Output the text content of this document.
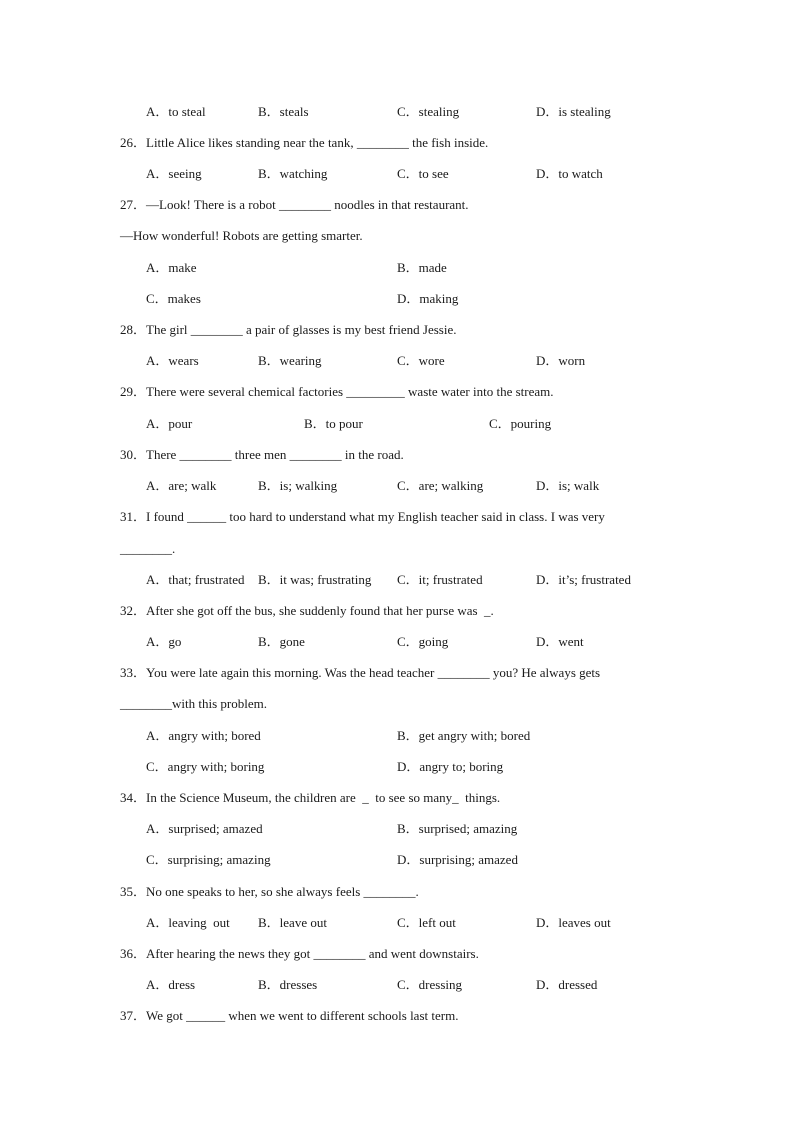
A．to steal	B．steals	C．stealing	D．is stealing
26．Little Alice likes standing near the tank, ________ the fish inside.
A．seeing	B．watching	C．to see	D．to watch
27．—Look! There is a robot ________ noodles in that restaurant.
—How wonderful! Robots are getting smarter.
A．make	B．made
C．makes	D．making
28．The girl ________ a pair of glasses is my best friend Jessie.
A．wears	B．wearing	C．wore	D．worn
29．There were several chemical factories _________ waste water into the stream.
A．pour	B．to pour	C．pouring
30．There ________ three men ________ in the road.
A．are; walk	B．is; walking	C．are; walking	D．is; walk
31．I found ______ too hard to understand what my English teacher said in class. I was very
________.
A．that; frustrated B．it was; frustrating C．it; frustrated	D．it’s; frustrated
32．After she got off the bus, she suddenly found that her purse was  _.
A．go	B．gone	C．going	D．went
33．You were late again this morning. Was the head teacher ________ you? He always gets
________with this problem.
A．angry with; bored	B．get angry with; bored
C．angry with; boring	D．angry to; boring
34．In the Science Museum, the children are  _  to see so many_  things.
A．surprised; amazed	B．surprised; amazing
C．surprising; amazing	D．surprising; amazed
35．No one speaks to her, so she always feels ________.
A．leaving  out B．leave out	C．left out	D．leaves out
36．After hearing the news they got ________ and went downstairs.
A．dress	B．dresses	C．dressing	D．dressed
37．We got ______ when we went to different schools last term.
